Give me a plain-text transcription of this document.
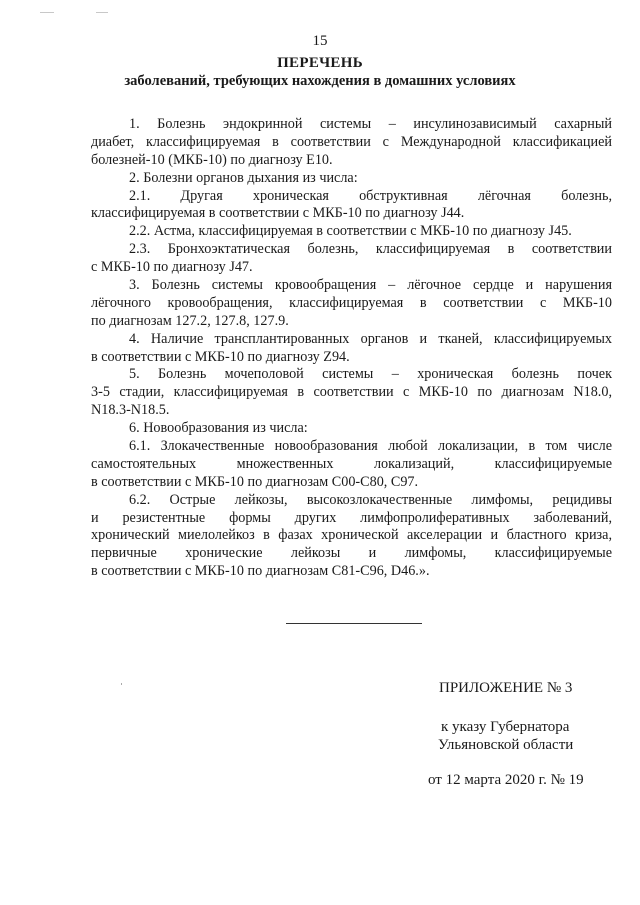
15
ПЕРЕЧЕНЬ
заболеваний, требующих нахождения в домашних условиях
1. Болезнь эндокринной системы – инсулинозависимый сахарный
диабет, классифицируемая в соответствии с Международной классификацией
болезней-10 (МКБ-10) по диагнозу Е10.
2. Болезни органов дыхания из числа:
2.1. Другая хроническая обструктивная лёгочная болезнь,
классифицируемая в соответствии с МКБ-10 по диагнозу J44.
2.2. Астма, классифицируемая в соответствии с МКБ-10 по диагнозу J45.
2.3. Бронхоэктатическая болезнь, классифицируемая в соответствии
с МКБ-10 по диагнозу J47.
3. Болезнь системы кровообращения – лёгочное сердце и нарушения
лёгочного кровообращения, классифицируемая в соответствии с МКБ-10
по диагнозам 127.2, 127.8, 127.9.
4. Наличие трансплантированных органов и тканей, классифицируемых
в соответствии с МКБ-10 по диагнозу Z94.
5. Болезнь мочеполовой системы – хроническая болезнь почек
3-5 стадии, классифицируемая в соответствии с МКБ-10 по диагнозам N18.0,
N18.3-N18.5.
6. Новообразования из числа:
6.1. Злокачественные новообразования любой локализации, в том числе
самостоятельных множественных локализаций, классифицируемые
в соответствии с МКБ-10 по диагнозам С00-С80, С97.
6.2. Острые лейкозы, высокозлокачественные лимфомы, рецидивы
и резистентные формы других лимфопролиферативных заболеваний,
хронический миелолейкоз в фазах хронической акселерации и бластного криза,
первичные хронические лейкозы и лимфомы, классифицируемые
в соответствии с МКБ-10 по диагнозам С81-С96, D46.».
ПРИЛОЖЕНИЕ № 3
к указу Губернатора
Ульяновской области
от 12 марта 2020 г. № 19
